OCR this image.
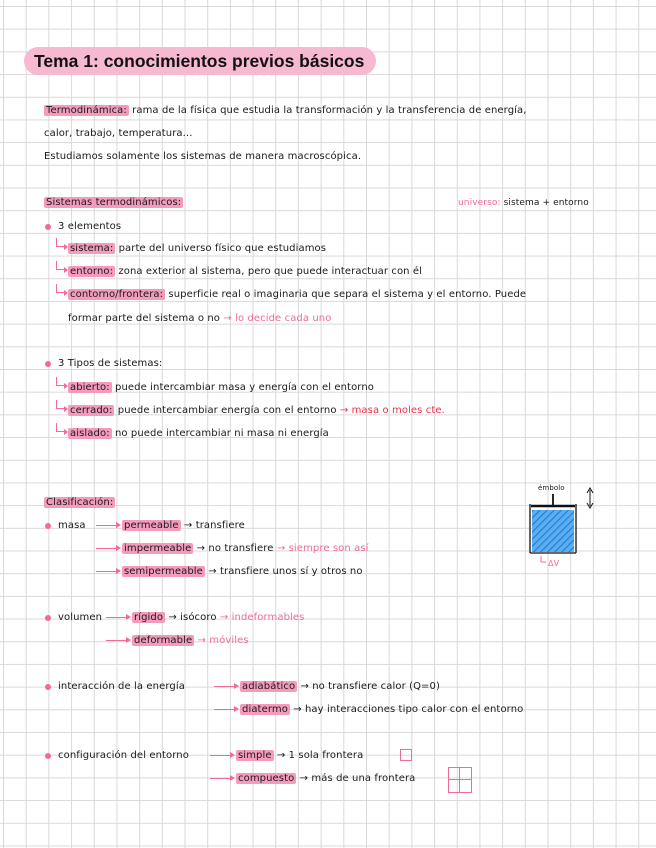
Tema 1: conocimientos previos básicos
Termodinámica: rama de la física que estudia la transformación y la transferencia de energía,
calor, trabajo, temperatura...
Estudiamos solamente los sistemas de manera macroscópica.
Sistemas termodinámicos:	universo: sistema + entorno
3 elementos
sistema: parte del universo físico que estudiamos
entorno: zona exterior al sistema, pero que puede interactuar con él
contorno/frontera: superficie real o imaginaria que separa el sistema y el entorno. Puede
formar parte del sistema o no → lo decide cada uno
3 Tipos de sistemas:
abierto: puede intercambiar masa y energía con el entorno
cerrado: puede intercambiar energía con el entorno → masa o moles cte.
aislado: no puede intercambiar ni masa ni energía
Clasificación:
émbolo
ΔV
masa	permeable → transfiere
impermeable → no transfiere → siempre son así
semipermeable → transfiere unos sí y otros no
volumen	rígido → isócoro → indeformables
deformable → móviles
interacción de la energía	adiabático → no transfiere calor (Q=0)
diatermo → hay interacciones tipo calor con el entorno
configuración del entorno	simple → 1 sola frontera
compuesto → más de una frontera
